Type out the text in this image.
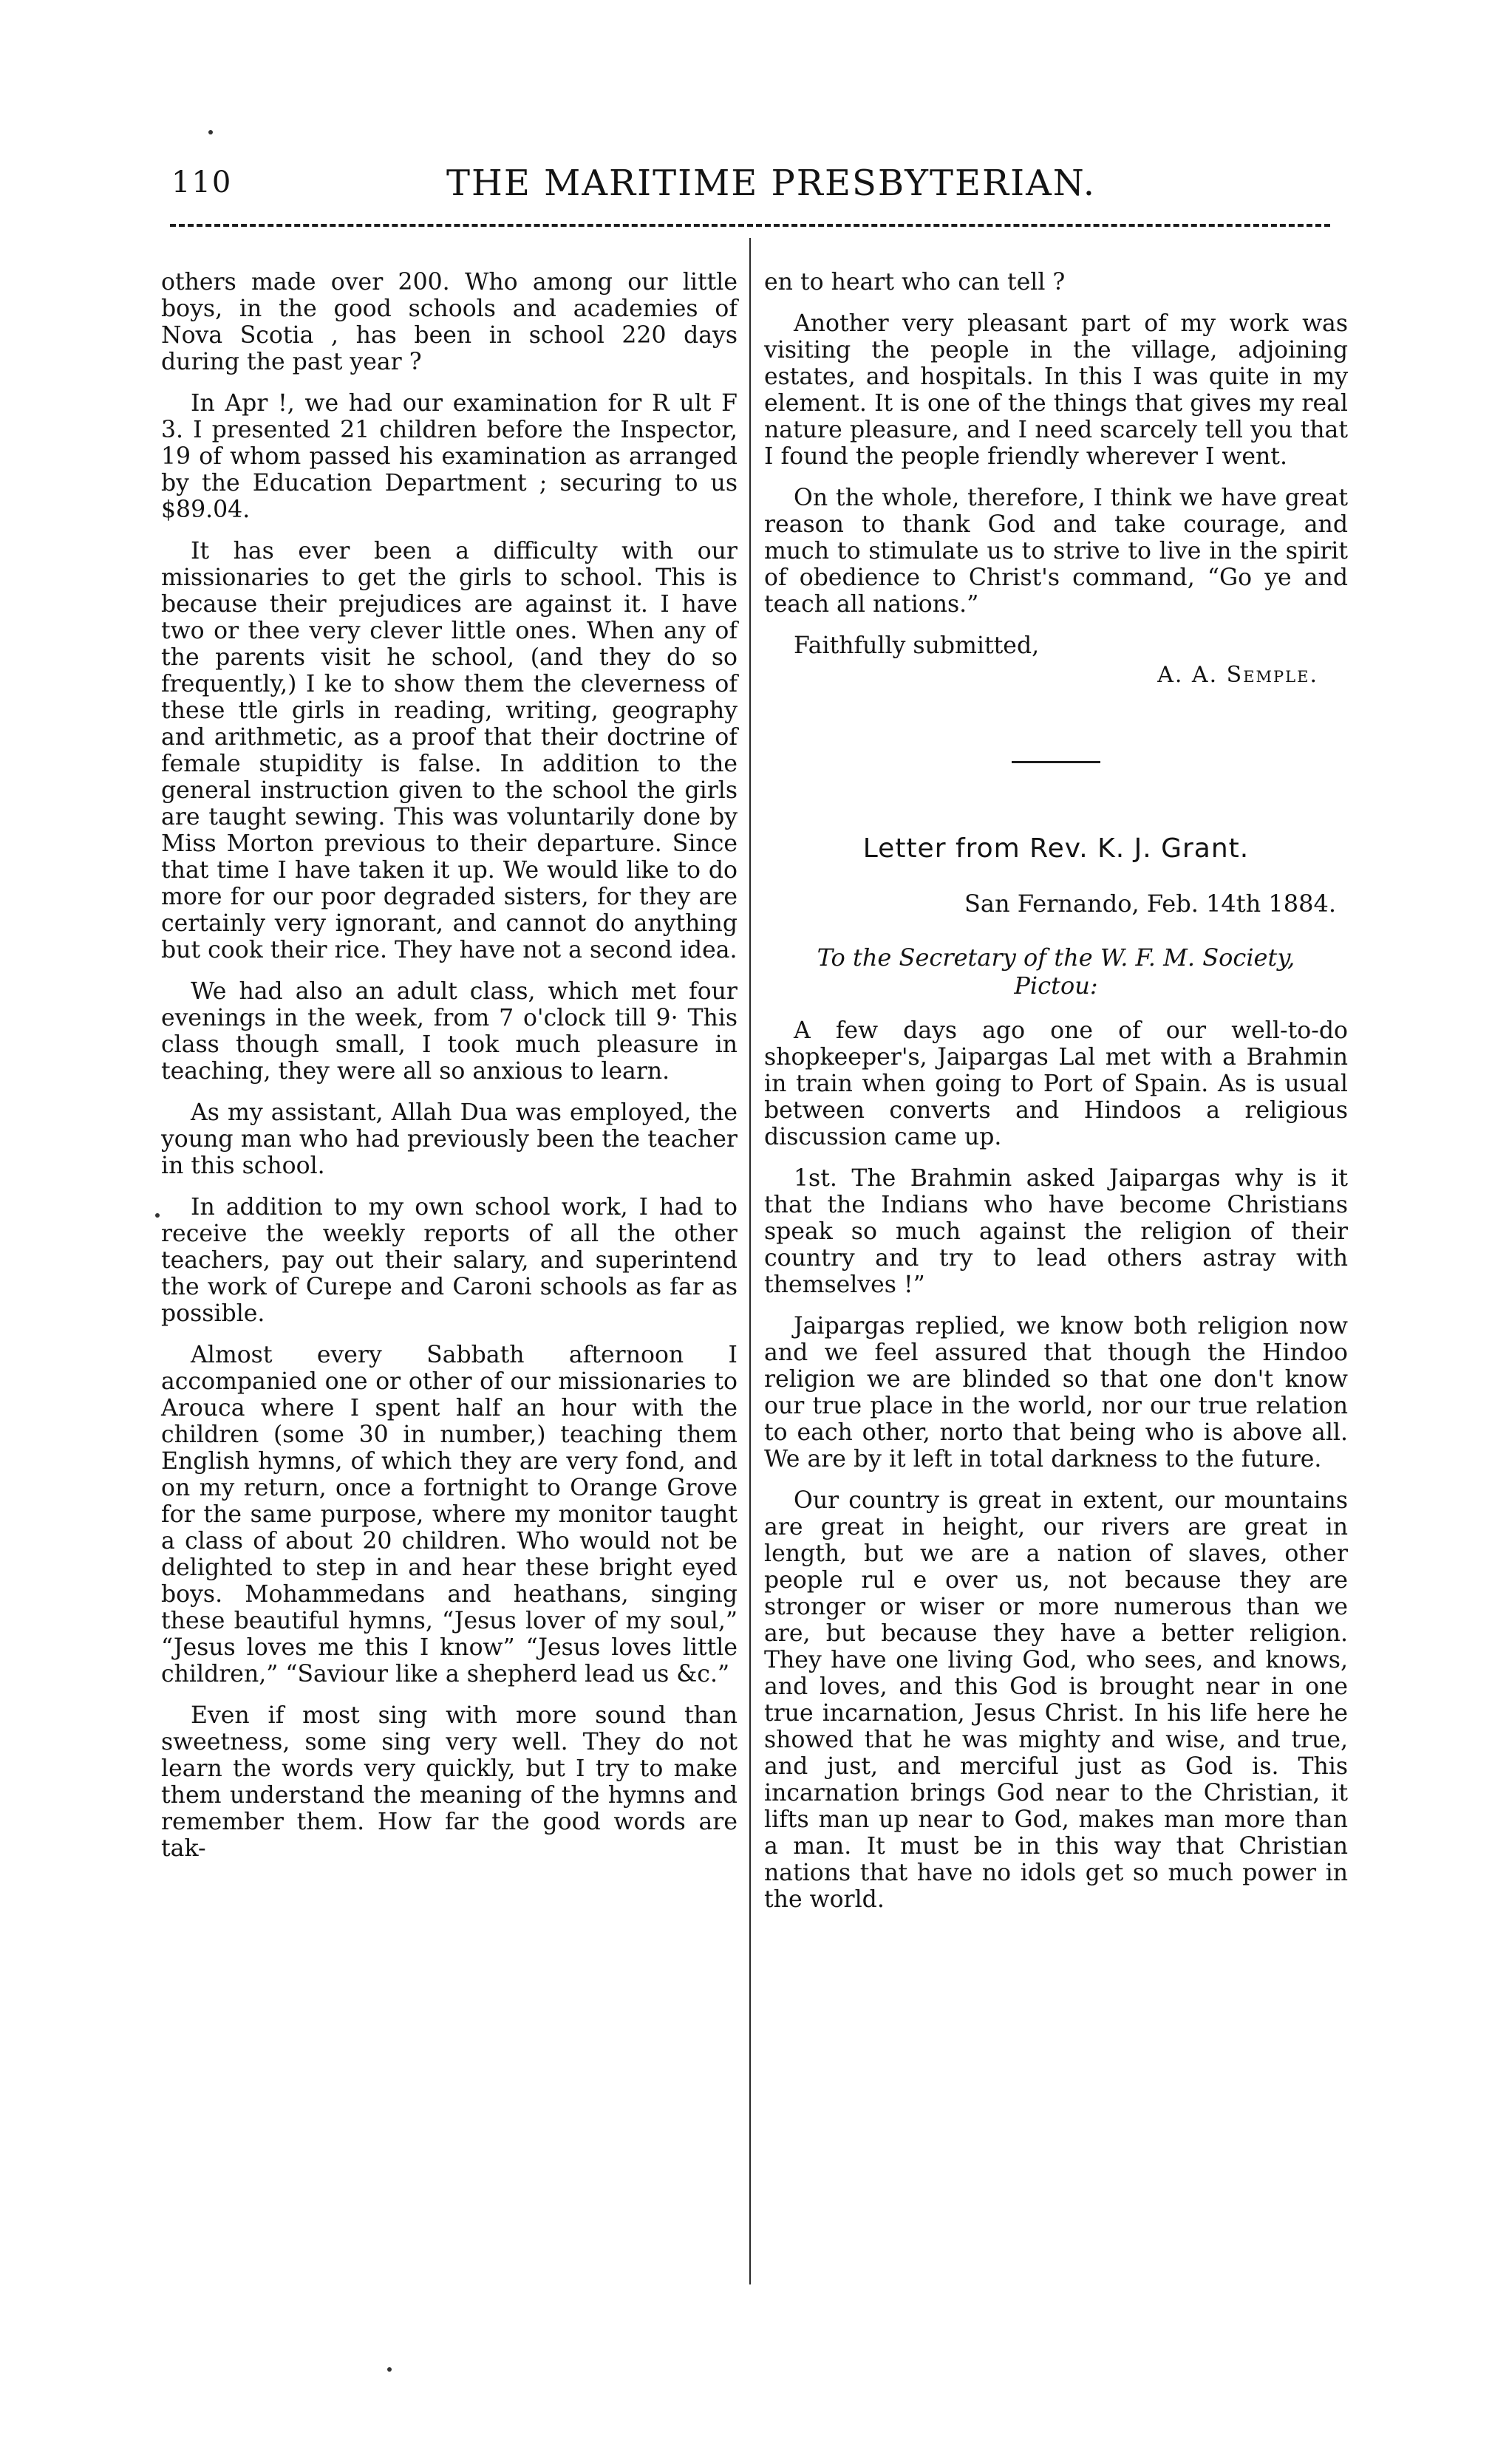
110	THE MARITIME PRESBYTERIAN.

others made over 200. Who among our little boys, in the good schools and academies of Nova Scotia , has been in school 220 days during the past year ?

In Apr !, we had our examination for R ult F 3. I presented 21 children before the Inspector, 19 of whom passed his examination as arranged by the Education Department ; securing to us $89.04.

It has ever been a difficulty with our missionaries to get the girls to school. This is because their prejudices are against it. I have two or thee very clever little ones. When any of the parents visit he school, (and they do so frequently,) I ke to show them the cleverness of these ttle girls in reading, writing, geography and arithmetic, as a proof that their doctrine of female stupidity is false. In addition to the general instruction given to the school the girls are taught sewing. This was voluntarily done by Miss Morton previous to their departure. Since that time I have taken it up. We would like to do more for our poor degraded sisters, for they are certainly very ignorant, and cannot do anything but cook their rice. They have not a second idea.

We had also an adult class, which met four evenings in the week, from 7 o'clock till 9· This class though small, I took much pleasure in teaching, they were all so anxious to learn.

As my assistant, Allah Dua was employed, the young man who had previously been the teacher in this school.

In addition to my own school work, I had to receive the weekly reports of all the other teachers, pay out their salary, and superintend the work of Curepe and Caroni schools as far as possible.

Almost every Sabbath afternoon I accompanied one or other of our missionaries to Arouca where I spent half an hour with the children (some 30 in number,) teaching them English hymns, of which they are very fond, and on my return, once a fortnight to Orange Grove for the same purpose, where my monitor taught a class of about 20 children. Who would not be delighted to step in and hear these bright eyed boys. Mohammedans and heathans, singing these beautiful hymns, “Jesus lover of my soul,” “Jesus loves me this I know” “Jesus loves little children,” “Saviour like a shepherd lead us &c.”

Even if most sing with more sound than sweetness, some sing very well. They do not learn the words very quickly, but I try to make them understand the meaning of the hymns and remember them. How far the good words are tak-

en to heart who can tell ?

Another very pleasant part of my work was visiting the people in the village, adjoining estates, and hospitals. In this I was quite in my element. It is one of the things that gives my real nature pleasure, and I need scarcely tell you that I found the people friendly wherever I went.

On the whole, therefore, I think we have great reason to thank God and take courage, and much to stimulate us to strive to live in the spirit of obedience to Christ's command, “Go ye and teach all nations.”

Faithfully submitted,
A. A. Semple.
Letter from Rev. K. J. Grant.
San Fernando, Feb. 14th 1884.
To the Secretary of the W. F. M. Society,
Pictou:

A few days ago one of our well-to-do shopkeeper's, Jaipargas Lal met with a Brahmin in train when going to Port of Spain. As is usual between converts and Hindoos a religious discussion came up.

1st. The Brahmin asked Jaipargas why is it that the Indians who have become Christians speak so much against the religion of their country and try to lead others astray with themselves !”

Jaipargas replied, we know both religion now and we feel assured that though the Hindoo religion we are blinded so that one don't know our true place in the world, nor our true relation to each other, norto that being who is above all. We are by it left in total darkness to the future.

Our country is great in extent, our mountains are great in height, our rivers are great in length, but we are a nation of slaves, other people rul e over us, not because they are stronger or wiser or more numerous than we are, but because they have a better religion. They have one living God, who sees, and knows, and loves, and this God is brought near in one true incarnation, Jesus Christ. In his life here he showed that he was mighty and wise, and true, and just, and merciful just as God is. This incarnation brings God near to the Christian, it lifts man up near to God, makes man more than a man. It must be in this way that Christian nations that have no idols get so much power in the world.
